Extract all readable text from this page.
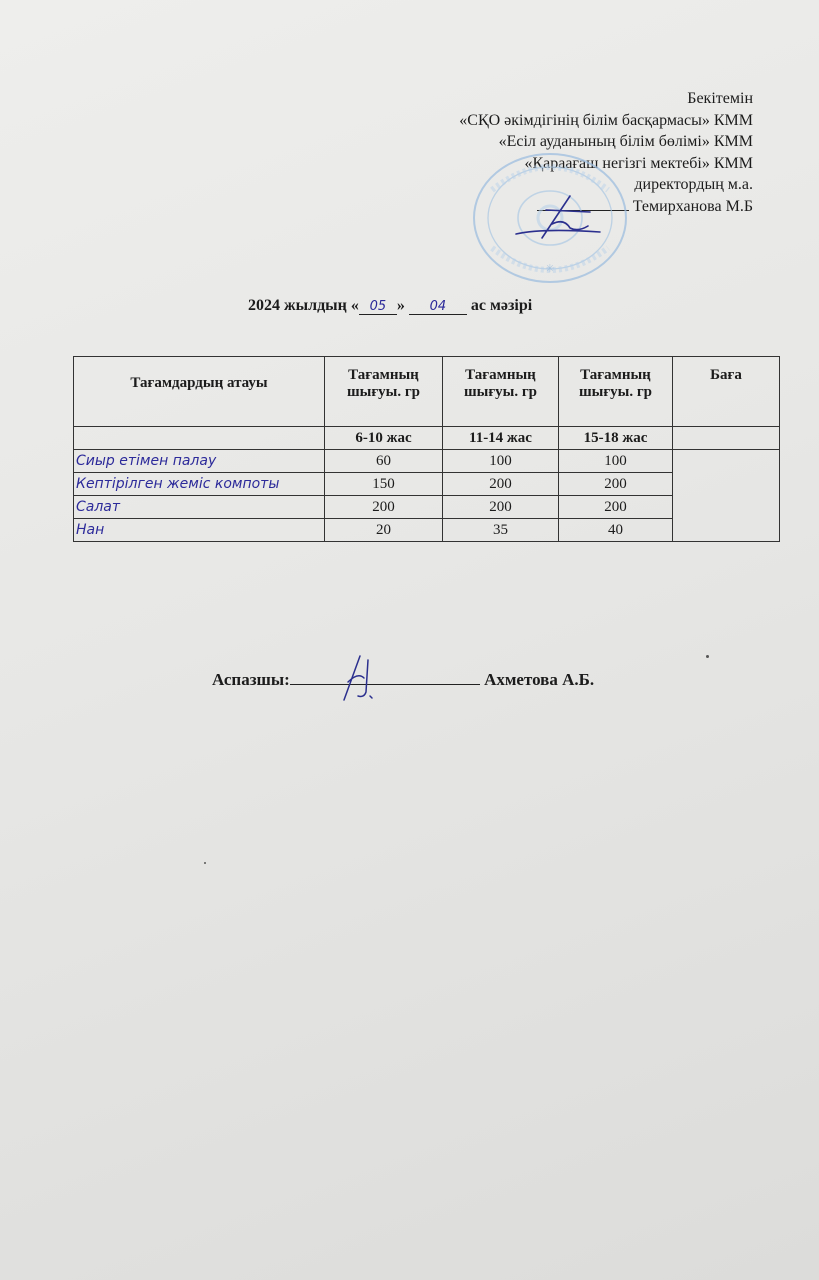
Бекітемін
«СҚО әкімдігінің білім басқармасы» КММ
«Есіл ауданының білім бөлімі» КММ
«Қараағаш негізгі мектебі» КММ
директордың м.а.
Темирханова М.Б
✳
2024 жылдың « 05 » 04 ас мәзірі
Тағамдардың атауы	Тағамның шығуы. гр	Тағамның шығуы. гр	Тағамның шығуы. гр	Баға
	6-10 жас	11-14 жас	15-18 жас	
Сиыр етімен палау	60	100	100	
Кептірілген жеміс компоты	150	200	200	
Салат	200	200	200	
Нан	20	35	40	
Аспазшы:	Ахметова А.Б.
